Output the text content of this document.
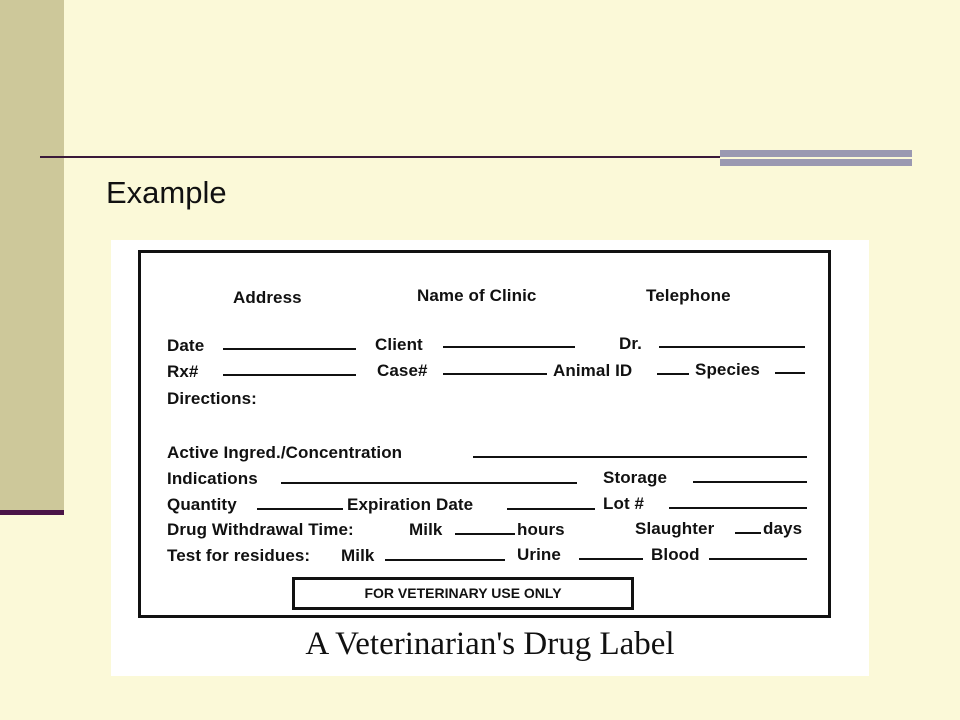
Example
Address	Name of Clinic	Telephone
Date	Client	Dr.
Rx#	Case#	Animal ID	Species
Directions:
Active Ingred./Concentration
Indications	Storage
Quantity	Expiration Date	Lot #
Drug Withdrawal Time:	Milk	hours	Slaughter	days
Test for residues: Milk	Urine	Blood
FOR VETERINARY USE ONLY
A Veterinarian's Drug Label
